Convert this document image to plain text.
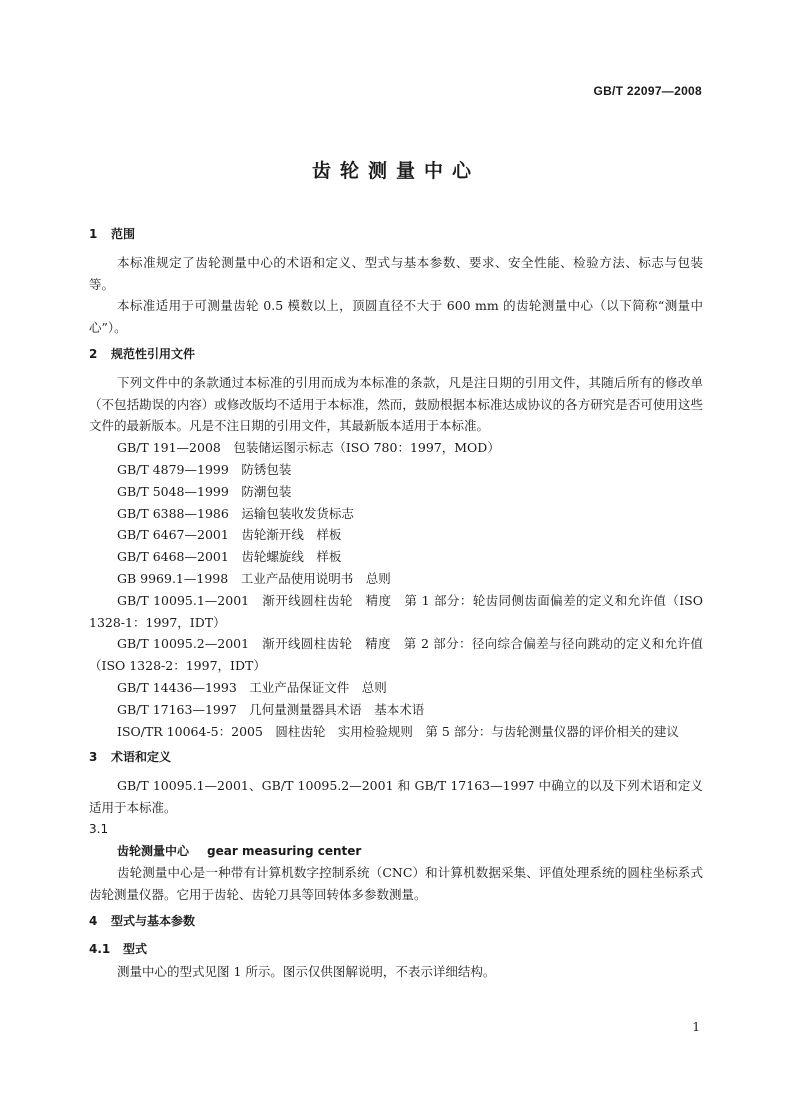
GB/T 22097—2008
齿轮测量中心
1 范围

本标准规定了齿轮测量中心的术语和定义、型式与基本参数、要求、安全性能、检验方法、标志与包装等。

本标准适用于可测量齿轮 0.5 模数以上，顶圆直径不大于 600 mm 的齿轮测量中心（以下简称“测量中心”）。

2 规范性引用文件

下列文件中的条款通过本标准的引用而成为本标准的条款，凡是注日期的引用文件，其随后所有的修改单（不包括勘误的内容）或修改版均不适用于本标准，然而，鼓励根据本标准达成协议的各方研究是否可使用这些文件的最新版本。凡是不注日期的引用文件，其最新版本适用于本标准。

GB/T 191—2008　包装储运图示标志（ISO 780：1997，MOD）

GB/T 4879—1999　防锈包装

GB/T 5048—1999　防潮包装

GB/T 6388—1986　运输包装收发货标志

GB/T 6467—2001　齿轮渐开线　样板

GB/T 6468—2001　齿轮螺旋线　样板

GB 9969.1—1998　工业产品使用说明书　总则

GB/T 10095.1—2001　渐开线圆柱齿轮　精度　第 1 部分：轮齿同侧齿面偏差的定义和允许值（ISO 1328-1：1997，IDT）

GB/T 10095.2—2001　渐开线圆柱齿轮　精度　第 2 部分：径向综合偏差与径向跳动的定义和允许值（ISO 1328-2：1997，IDT）

GB/T 14436—1993　工业产品保证文件　总则

GB/T 17163—1997　几何量测量器具术语　基本术语

ISO/TR 10064-5：2005　圆柱齿轮　实用检验规则　第 5 部分：与齿轮测量仪器的评价相关的建议

3 术语和定义

GB/T 10095.1—2001、GB/T 10095.2—2001 和 GB/T 17163—1997 中确立的以及下列术语和定义适用于本标准。

3.1
齿轮测量中心 gear measuring center

齿轮测量中心是一种带有计算机数字控制系统（CNC）和计算机数据采集、评值处理系统的圆柱坐标系式齿轮测量仪器。它用于齿轮、齿轮刀具等回转体多参数测量。

4 型式与基本参数
4.1 型式

测量中心的型式见图 1 所示。图示仅供图解说明，不表示详细结构。

1
